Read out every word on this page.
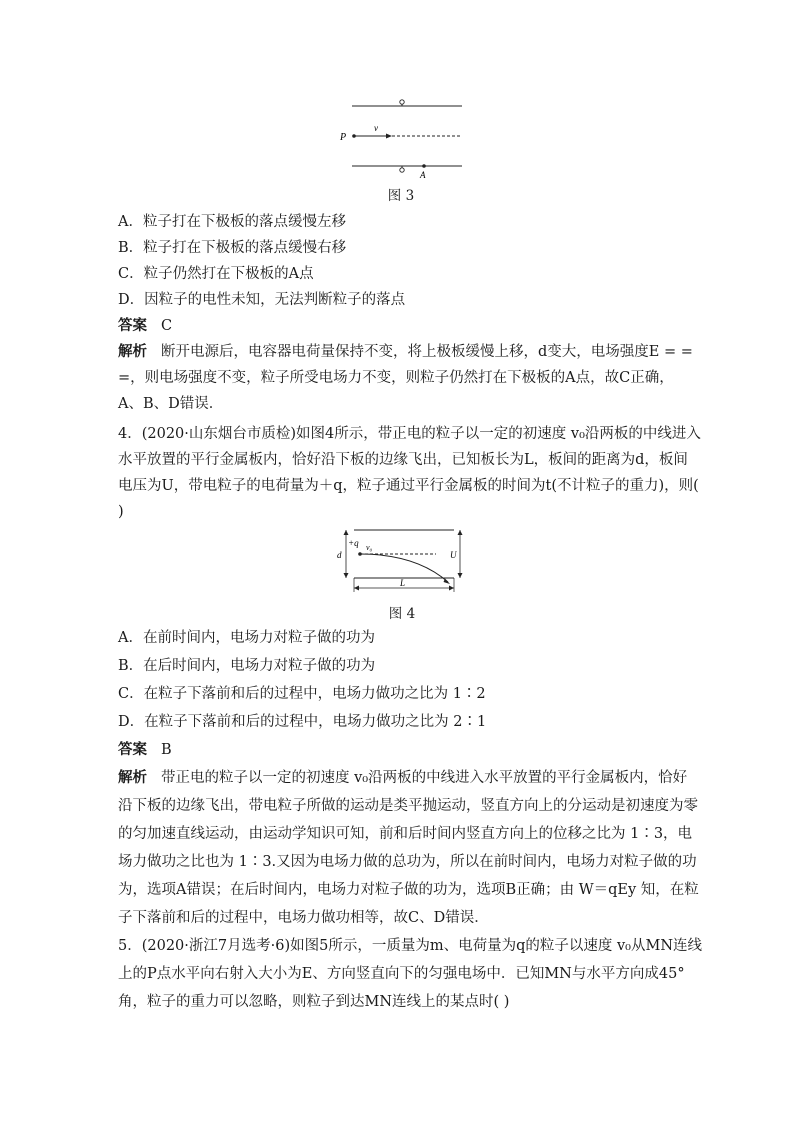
P
v
A
图 3
A．粒子打在下极板的落点缓慢左移
B．粒子打在下极板的落点缓慢右移
C．粒子仍然打在下极板的A点
D．因粒子的电性未知，无法判断粒子的落点
答案 C
解析 断开电源后，电容器电荷量保持不变，将上极板缓慢上移，d变大，电场强度E = =
=，则电场强度不变，粒子所受电场力不变，则粒子仍然打在下极板的A点，故C正确，
A、B、D错误．
4．(2020·山东烟台市质检)如图4所示，带正电的粒子以一定的初速度 v₀沿两板的中线进入
水平放置的平行金属板内，恰好沿下板的边缘飞出，已知板长为L，板间的距离为d，板间
电压为U，带电粒子的电荷量为＋q，粒子通过平行金属板的时间为t(不计粒子的重力)，则(
)
+q v₀
d	U
L
图 4
A．在前时间内，电场力对粒子做的功为
B．在后时间内，电场力对粒子做的功为
C．在粒子下落前和后的过程中，电场力做功之比为 1∶2
D．在粒子下落前和后的过程中，电场力做功之比为 2∶1
答案 B
解析 带正电的粒子以一定的初速度 v₀沿两板的中线进入水平放置的平行金属板内，恰好
沿下板的边缘飞出，带电粒子所做的运动是类平抛运动，竖直方向上的分运动是初速度为零
的匀加速直线运动，由运动学知识可知，前和后时间内竖直方向上的位移之比为 1∶3，电
场力做功之比也为 1∶3.又因为电场力做的总功为，所以在前时间内，电场力对粒子做的功
为，选项A错误；在后时间内，电场力对粒子做的功为，选项B正确；由 W＝qEy 知，在粒
子下落前和后的过程中，电场力做功相等，故C、D错误．
5．(2020·浙江7月选考·6)如图5所示，一质量为m、电荷量为q的粒子以速度 v₀从MN连线
上的P点水平向右射入大小为E、方向竖直向下的匀强电场中．已知MN与水平方向成45°
角，粒子的重力可以忽略，则粒子到达MN连线上的某点时( )
